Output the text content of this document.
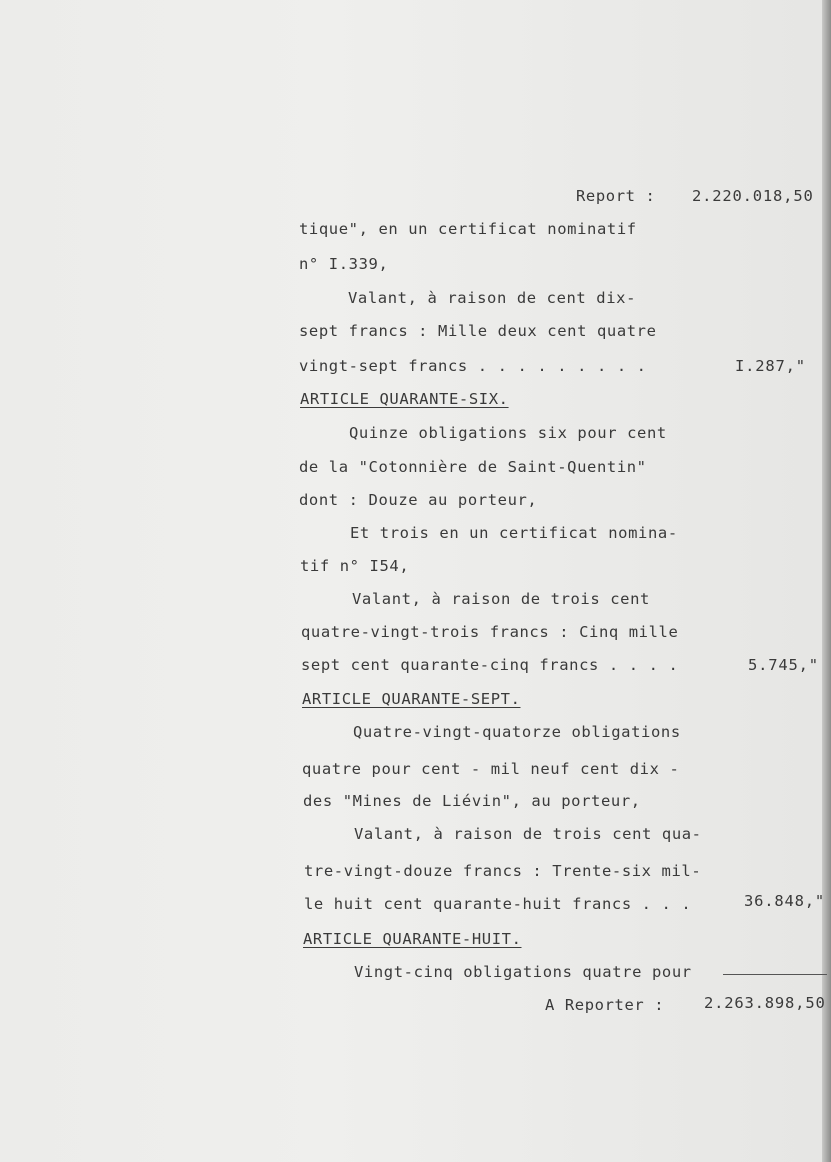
Report : 2.220.018,50
tique", en un certificat nominatif
n° I.339,
Valant, à raison de cent dix-
sept francs : Mille deux cent quatre
vingt-sept francs . . . . . . . . .	I.287,"
ARTICLE QUARANTE-SIX.
Quinze obligations six pour cent
de la "Cotonnière de Saint-Quentin"
dont : Douze au porteur,
Et trois en un certificat nomina-
tif n° I54,
Valant, à raison de trois cent
quatre-vingt-trois francs : Cinq mille
sept cent quarante-cinq francs . . . .	5.745,"
ARTICLE QUARANTE-SEPT.
Quatre-vingt-quatorze obligations
quatre pour cent - mil neuf cent dix -
des "Mines de Liévin", au porteur,
Valant, à raison de trois cent qua-
tre-vingt-douze francs : Trente-six mil-
le huit cent quarante-huit francs . . .	36.848,"
ARTICLE QUARANTE-HUIT.
Vingt-cinq obligations quatre pour
A Reporter :	2.263.898,50
